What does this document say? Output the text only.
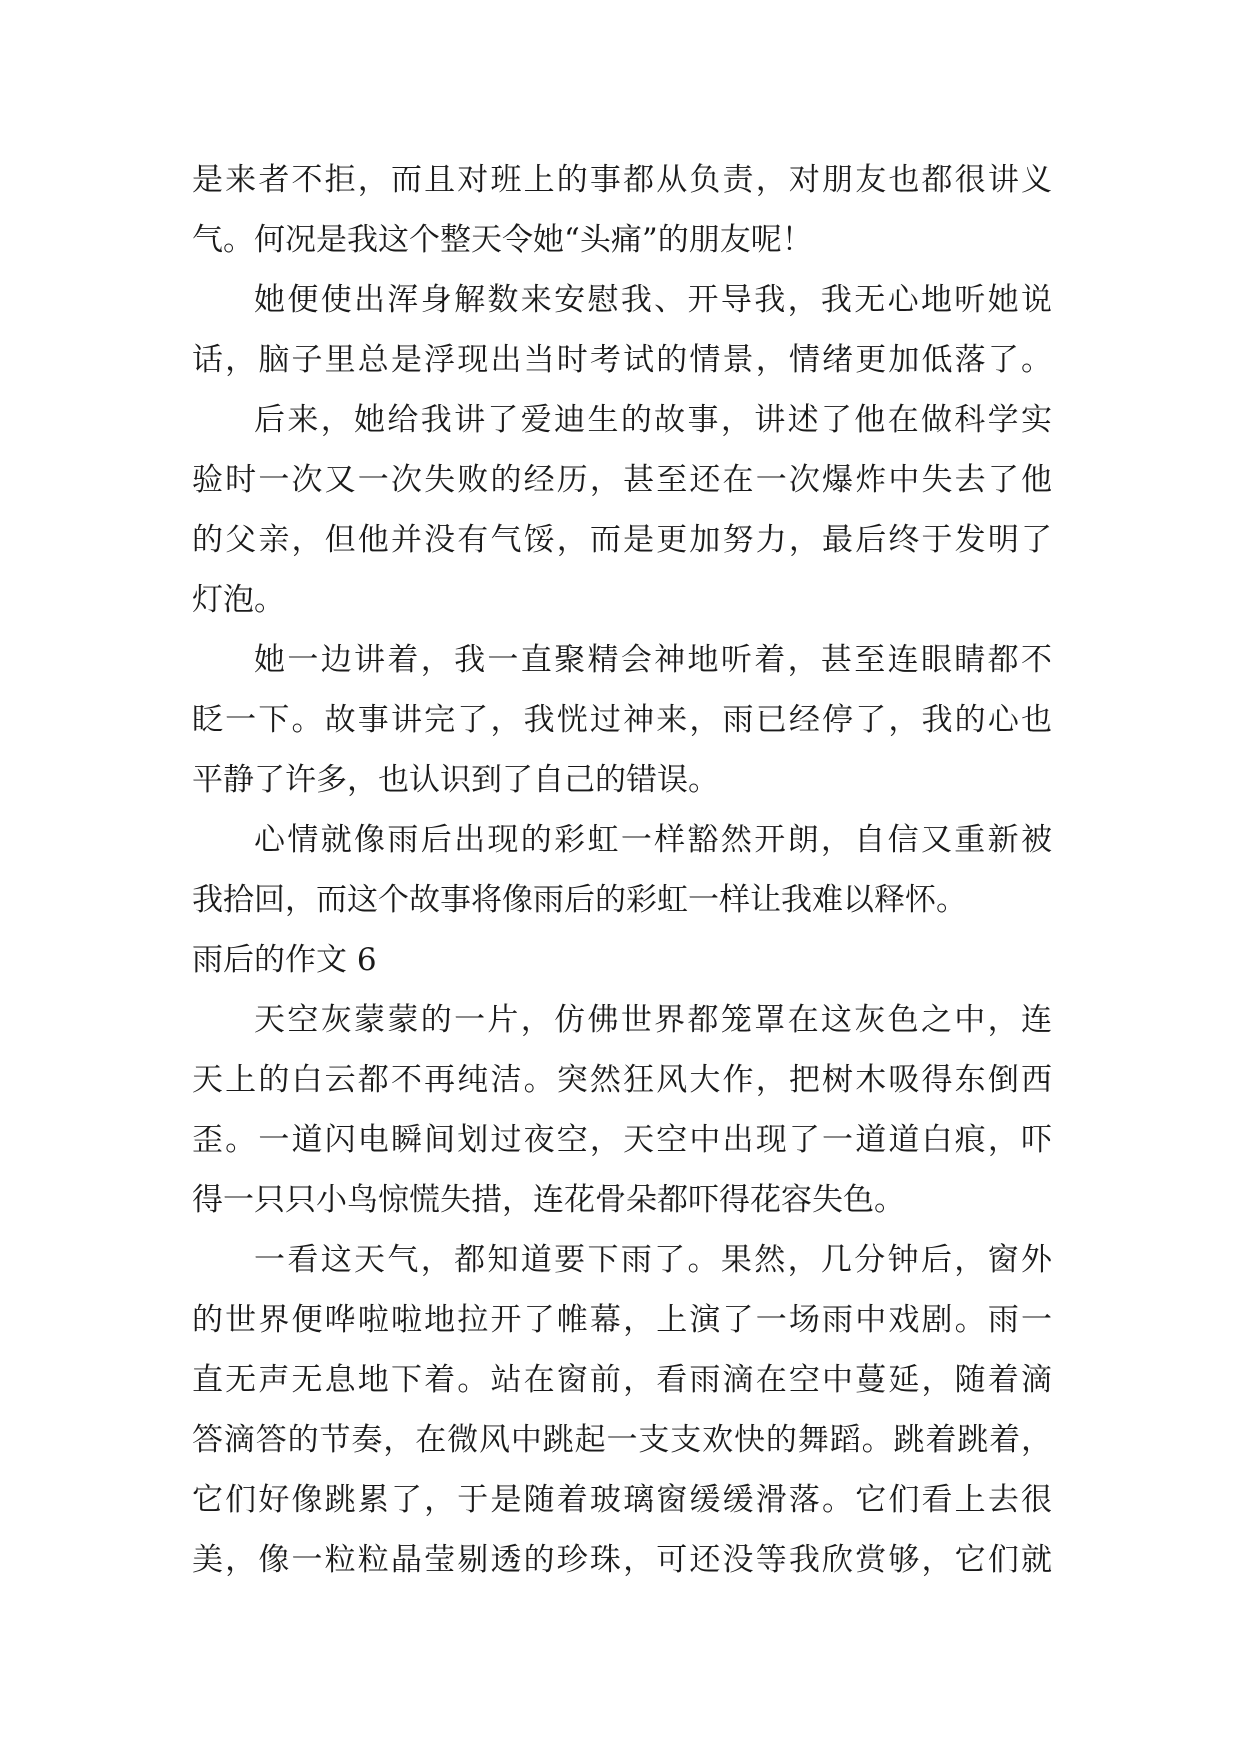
是来者不拒，而且对班上的事都从负责，对朋友也都很讲义
气。何况是我这个整天令她“头痛”的朋友呢！
她便使出浑身解数来安慰我、开导我，我无心地听她说
话，脑子里总是浮现出当时考试的情景，情绪更加低落了。
后来，她给我讲了爱迪生的故事，讲述了他在做科学实
验时一次又一次失败的经历，甚至还在一次爆炸中失去了他
的父亲，但他并没有气馁，而是更加努力，最后终于发明了
灯泡。
她一边讲着，我一直聚精会神地听着，甚至连眼睛都不
眨一下。故事讲完了，我恍过神来，雨已经停了，我的心也
平静了许多，也认识到了自己的错误。
心情就像雨后出现的彩虹一样豁然开朗，自信又重新被
我拾回，而这个故事将像雨后的彩虹一样让我难以释怀。
雨后的作文 6
天空灰蒙蒙的一片，仿佛世界都笼罩在这灰色之中，连
天上的白云都不再纯洁。突然狂风大作，把树木吸得东倒西
歪。一道闪电瞬间划过夜空，天空中出现了一道道白痕，吓
得一只只小鸟惊慌失措，连花骨朵都吓得花容失色。
一看这天气，都知道要下雨了。果然，几分钟后，窗外
的世界便哗啦啦地拉开了帷幕，上演了一场雨中戏剧。雨一
直无声无息地下着。站在窗前，看雨滴在空中蔓延，随着滴
答滴答的节奏，在微风中跳起一支支欢快的舞蹈。跳着跳着，
它们好像跳累了，于是随着玻璃窗缓缓滑落。它们看上去很
美，像一粒粒晶莹剔透的珍珠，可还没等我欣赏够，它们就
